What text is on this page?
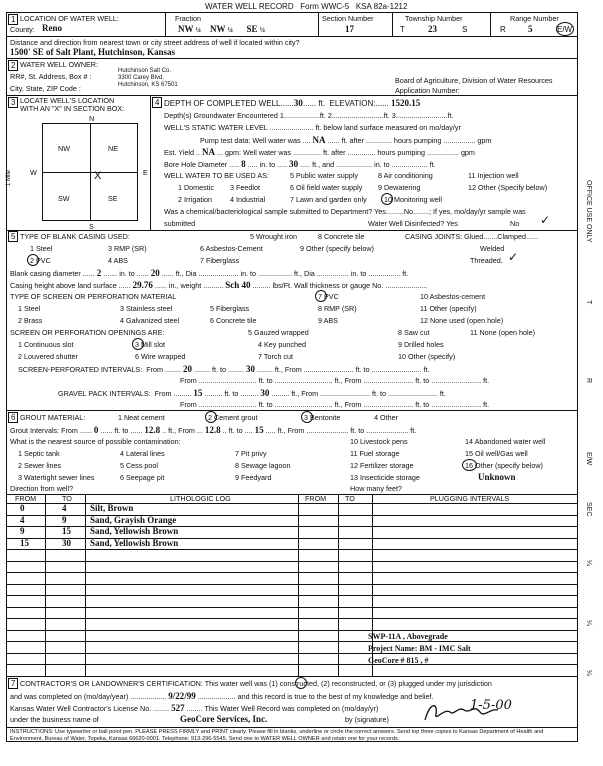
WATER WELL RECORD Form WWC-5 KSA 82a-1212
1 LOCATION OF WATER WELL:
County: Reno
Fraction
NW ¼ NW ¼ SE ¼
Section Number
17
Township Number
T	23	S
Range Number
R 5	E/W
Distance and direction from nearest town or city street address of well if located within city?
1500' SE of Salt Plant, Hutchinson, Kansas
2 WATER WELL OWNER:
RR#, St. Address, Box # :
City, State, ZIP Code :
Hutchinson Salt Co.
3300 Carey Blvd.
Hutchinson, KS 67501	Board of Agriculture, Division of Water Resources
Application Number:
3 LOCATE WELL'S LOCATION
WITH AN "X" IN SECTION BOX:
N
S
W	E
1 Mile
NW	NE
SW	SE
X
4 DEPTH OF COMPLETED WELL......30...... ft. ELEVATION:...... 1520.15
Depth(s) Groundwater Encountered 1..................ft. 2..........................ft. 3..........................ft.
WELL'S STATIC WATER LEVEL ...................... ft. below land surface measured on mo/day/yr
Pump test data: Well water was .... NA ...... ft. after ............. hours pumping ................ gpm
Est. Yield .. NA ... gpm: Well water was .............. ft. after .............. hours pumping ................ gpm
Bore Hole Diameter ..... 8 ..... in. to ..... 30 ..... ft., and .................. in. to .................. ft.
WELL WATER TO BE USED AS:	5 Public water supply	8 Air conditioning	11 Injection well
1 Domestic 3 Feedlot	6 Oil field water supply 9 Dewatering	12 Other (Specify below)
2 Irrigation	4 Industrial	7 Lawn and garden only 10 Monitoring well
Was a chemical/bacteriological sample submitted to Department? Yes.........No........; If yes, mo/day/yr sample was
submitted	Water Well Disinfected? Yes	No ✓
5 TYPE OF BLANK CASING USED:	5 Wrought iron	8 Concrete tile	CASING JOINTS: Glued.......Clamped......
1 Steel	3 RMP (SR)	6 Asbestos-Cement	9 Other (specify below)	Welded
2 PVC	4 ABS	7 Fiberglass	Threaded. ✓
Blank casing diameter ...... 2 ....... in. to ...... 20 ...... ft., Dia .................... in. to ................. ft., Dia ................ in. to ................ ft.
Casing height above land surface ...... 29.76 ...... in., weight .......... Sch 40 ......... lbs/Ft. Wall thickness or gauge No. .....................
TYPE OF SCREEN OR PERFORATION MATERIAL	7 PVC	10 Asbestos-cement
1 Steel	3 Stainless steel	5 Fiberglass	8 RMP (SR)	11 Other (specify)
2 Brass	4 Galvanized steel	6 Concrete tile	9 ABS	12 None used (open hole)
SCREEN OR PERFORATION OPENINGS ARE:	5 Gauzed wrapped	8 Saw cut	11 None (open hole)
1 Continuous slot	3 Mill slot	4 Key punched	9 Drilled holes
2 Louvered shutter	6 Wire wrapped	7 Torch cut	10 Other (specify)
SCREEN-PERFORATED INTERVALS: From ........ 20 ........ ft. to ........ 30 ........ ft., From ......................... ft. to ......................... ft.
From ............................. ft. to ............................. ft., From ......................... ft. to ......................... ft.
GRAVEL PACK INTERVALS: From ......... 15 ......... ft. to ......... 30 ......... ft., From ......................... ft. to ......................... ft.
From ............................. ft. to ............................. ft., From ......................... ft. to ......................... ft.
6 GROUT MATERIAL:	1 Neat cement	2 Cement grout	3 Bentonite	4 Other
Grout Intervals: From ...... 0 ...... ft. to ...... 12.8 .. ft., From ... 12.8 .. ft. to .... 15 ..... ft., From ..................... ft. to ..................... ft.
What is the nearest source of possible contamination:	10 Livestock pens	14 Abandoned water well
1 Septic tank	4 Lateral lines	7 Pit privy	11 Fuel storage	15 Oil well/Gas well
2 Sewer lines	5 Cess pool	8 Sewage lagoon	12 Fertilizer storage	16 Other (specify below)
3 Watertight sewer lines	6 Seepage pit	9 Feedyard	13 Insecticide storage	Unknown
Direction from well?	How many feet?
FROM	TO	LITHOLOGIC LOG	FROM	TO	PLUGGING INTERVALS
0	4	Silt, Brown
4	9	Sand, Grayish Orange
9	15 Sand, Yellowish Brown
15	30 Sand, Yellowish Brown
SWP-11A , Abovegrade
Project Name: BM - IMC Salt
GeoCore # 815 , #
7 CONTRACTOR'S OR LANDOWNER'S CERTIFICATION: This water well was (1) constructed, (2) reconstructed, or (3) plugged under my jurisdiction
and was completed on (mo/day/year) .................. 9/22/99 ................... and this record is true to the best of my knowledge and belief.
Kansas Water Well Contractor's License No. ........ 527 ........ This Water Well Record was completed on (mo/day/yr)	1-5-00
under the business name of	GeoCore Services, Inc.	by (signature)
INSTRUCTIONS: Use typewriter or ball point pen. PLEASE PRESS FIRMLY and PRINT clearly. Please fill in blanks, underline or circle the correct answers. Send top three copies to Kansas Department of Health and Environment, Bureau of Water, Topeka, Kansas 66620-0001. Telephone: 913-296-5545. Send one to WATER WELL OWNER and retain one for your records.
OFFICE USE ONLY
T
R
E/W
SEC
¼
¼
¼
